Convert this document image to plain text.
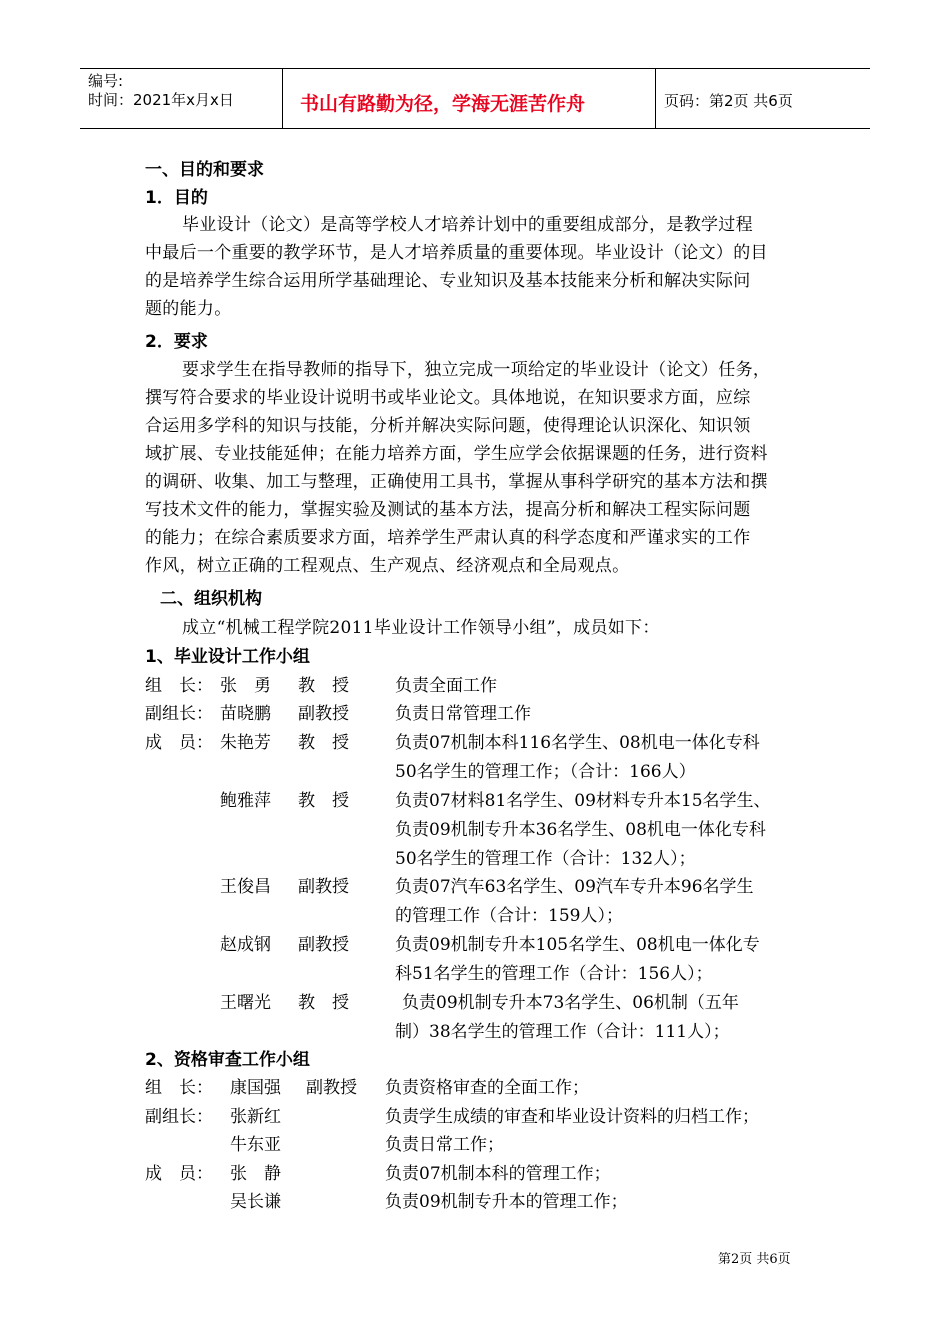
编号:
时间：2021年x月x日	书山有路勤为径，学海无涯苦作舟	页码：第2页 共6页
一、目的和要求
1．目的
毕业设计（论文）是高等学校人才培养计划中的重要组成部分，是教学过程
中最后一个重要的教学环节，是人才培养质量的重要体现。毕业设计（论文）的目
的是培养学生综合运用所学基础理论、专业知识及基本技能来分析和解决实际问
题的能力。
2．要求
要求学生在指导教师的指导下，独立完成一项给定的毕业设计（论文）任务，
撰写符合要求的毕业设计说明书或毕业论文。具体地说，在知识要求方面，应综
合运用多学科的知识与技能，分析并解决实际问题，使得理论认识深化、知识领
域扩展、专业技能延伸；在能力培养方面，学生应学会依据课题的任务，进行资料
的调研、收集、加工与整理，正确使用工具书，掌握从事科学研究的基本方法和撰
写技术文件的能力，掌握实验及测试的基本方法，提高分析和解决工程实际问题
的能力；在综合素质要求方面，培养学生严肃认真的科学态度和严谨求实的工作
作风，树立正确的工程观点、生产观点、经济观点和全局观点。
二、组织机构
成立“机械工程学院2011毕业设计工作领导小组”，成员如下：
1、毕业设计工作小组
组　长： 张　勇 教　授	负责全面工作
副组长： 苗晓鹏 副教授	负责日常管理工作
成　员： 朱艳芳 教　授	负责07机制本科116名学生、08机电一体化专科
50名学生的管理工作；（合计：166人）
鲍雅萍 教　授	负责07材料81名学生、09材料专升本15名学生、
负责09机制专升本36名学生、08机电一体化专科
50名学生的管理工作（合计：132人）；
王俊昌 副教授	负责07汽车63名学生、09汽车专升本96名学生
的管理工作（合计：159人）；
赵成钢 副教授	负责09机制专升本105名学生、08机电一体化专
科51名学生的管理工作（合计：156人）；
王曙光 教　授	负责09机制专升本73名学生、06机制（五年
制）38名学生的管理工作（合计：111人）；
2、资格审查工作小组
组　长： 康国强 副教授 负责资格审查的全面工作；
副组长： 张新红	负责学生成绩的审查和毕业设计资料的归档工作；
牛东亚	负责日常工作；
成　员： 张　静	负责07机制本科的管理工作；
吴长谦	负责09机制专升本的管理工作；
第2页 共6页
